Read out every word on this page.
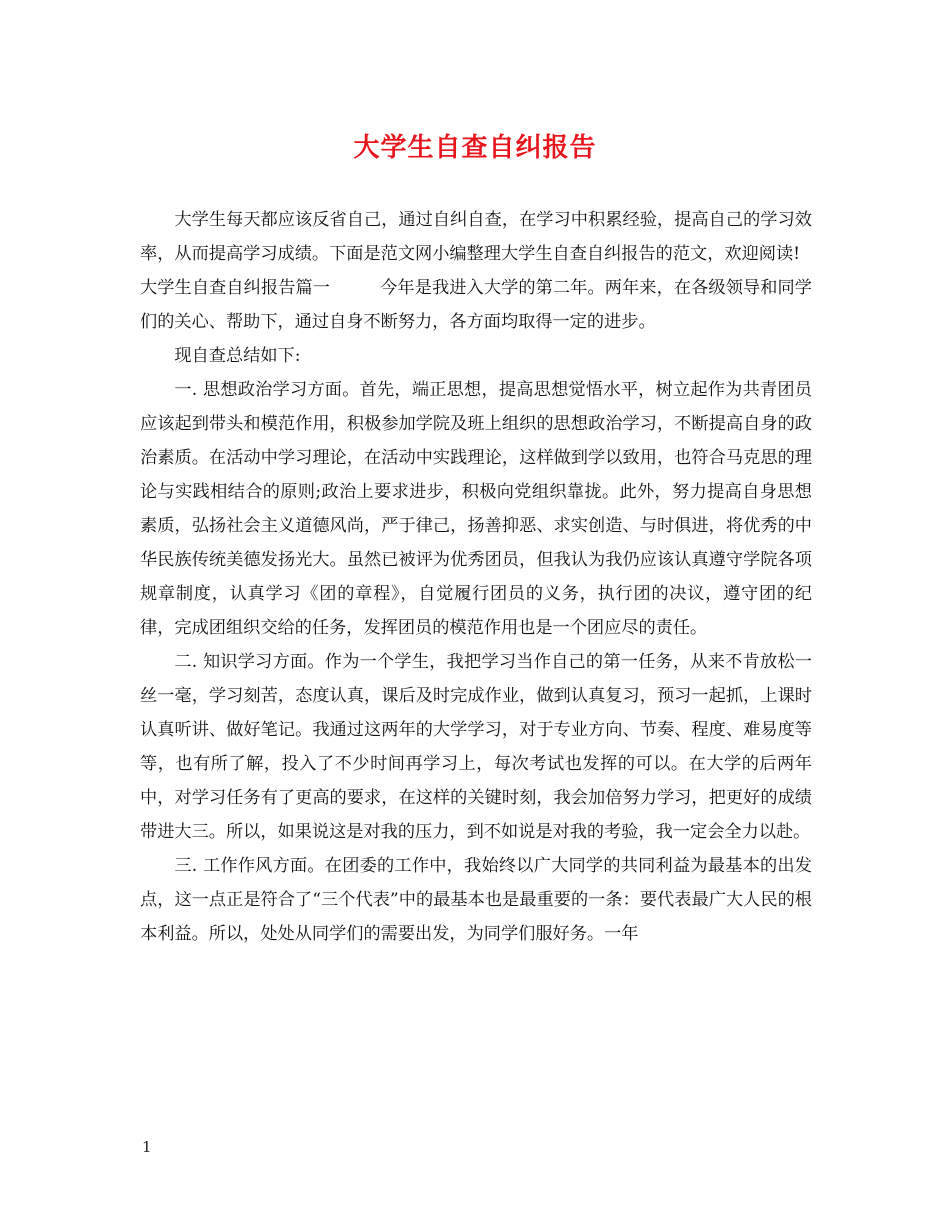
大学生自查自纠报告

大学生每天都应该反省自己，通过自纠自查，在学习中积累经验，提高自己的学习效率，从而提高学习成绩。下面是范文网小编整理大学生自查自纠报告的范文，欢迎阅读!

大学生自查自纠报告篇一	今年是我进入大学的第二年。两年来，在各级领导和同学们的关心、帮助下，通过自身不断努力，各方面均取得一定的进步。

现自查总结如下:

一. 思想政治学习方面。首先，端正思想，提高思想觉悟水平，树立起作为共青团员应该起到带头和模范作用，积极参加学院及班上组织的思想政治学习，不断提高自身的政治素质。在活动中学习理论，在活动中实践理论，这样做到学以致用，也符合马克思的理论与实践相结合的原则;政治上要求进步，积极向党组织靠拢。此外，努力提高自身思想素质，弘扬社会主义道德风尚，严于律己，扬善抑恶、求实创造、与时俱进，将优秀的中华民族传统美德发扬光大。虽然已被评为优秀团员，但我认为我仍应该认真遵守学院各项规章制度，认真学习《团的章程》，自觉履行团员的义务，执行团的决议，遵守团的纪律，完成团组织交给的任务，发挥团员的模范作用也是一个团应尽的责任。

二. 知识学习方面。作为一个学生，我把学习当作自己的第一任务，从来不肯放松一丝一毫，学习刻苦，态度认真，课后及时完成作业，做到认真复习，预习一起抓，上课时认真听讲、做好笔记。我通过这两年的大学学习，对于专业方向、节奏、程度、难易度等等，也有所了解，投入了不少时间再学习上，每次考试也发挥的可以。在大学的后两年中，对学习任务有了更高的要求，在这样的关键时刻，我会加倍努力学习，把更好的成绩带进大三。所以，如果说这是对我的压力，到不如说是对我的考验，我一定会全力以赴。

三. 工作作风方面。在团委的工作中，我始终以广大同学的共同利益为最基本的出发点，这一点正是符合了“三个代表”中的最基本也是最重要的一条：要代表最广大人民的根本利益。所以，处处从同学们的需要出发，为同学们服好务。一年

1
